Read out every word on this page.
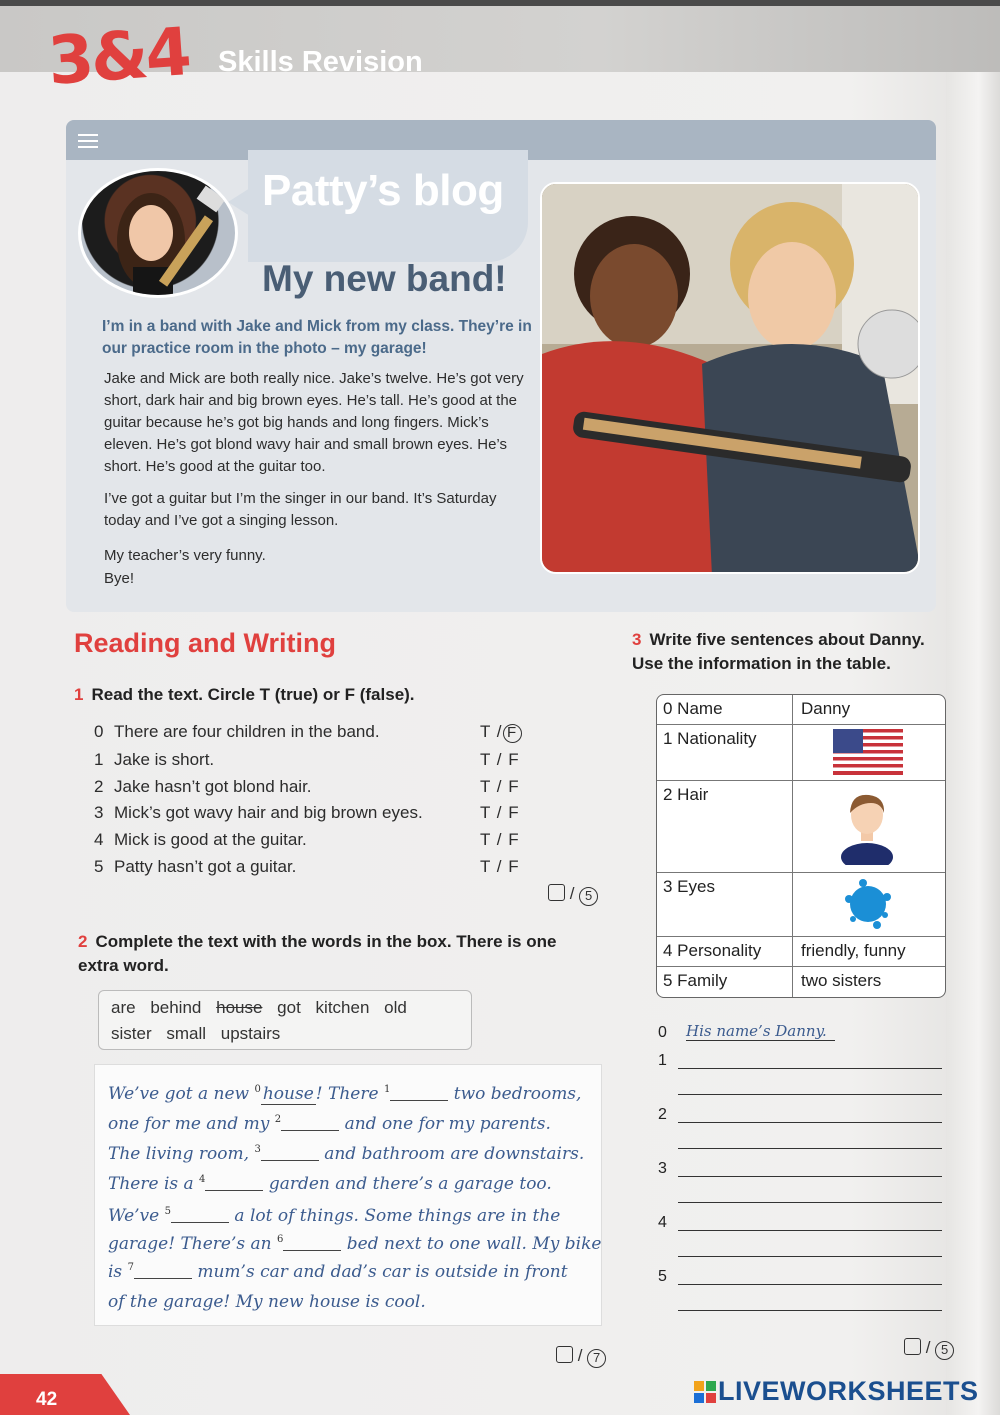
3&4 Skills Revision
Patty’s blog
My new band!
I’m in a band with Jake and Mick from my class. They’re in our practice room in the photo – my garage!
Jake and Mick are both really nice. Jake’s twelve. He’s got very short, dark hair and big brown eyes. He’s tall. He’s good at the guitar because he’s got big hands and long fingers. Mick’s eleven. He’s got blond wavy hair and small brown eyes. He’s short. He’s good at the guitar too.
I’ve got a guitar but I’m the singer in our band. It’s Saturday today and I’ve got a singing lesson.
My teacher’s very funny.
Bye!
Reading and Writing
1 Read the text. Circle T (true) or F (false).
0 There are four children in the band.	T / F
1 Jake is short.	T / F
2 Jake hasn’t got blond hair.	T / F
3 Mick’s got wavy hair and big brown eyes.	T / F
4 Mick is good at the guitar.	T / F
5 Patty hasn’t got a guitar.	T / F
/ 5
2 Complete the text with the words in the box. There is one extra word.
are behind house got kitchen old
sister small upstairs
We’ve got a new $^0$ house ! There $^1$	two bedrooms,
one for me and my $^2$	and one for my parents.
The living room, $^3$	and bathroom are downstairs.
There is a $^4$	garden and there’s a garage too.
We’ve $^5$	a lot of things. Some things are in the
garage! There’s an $^6$	bed next to one wall. My bike
is $^7$	mum’s car and dad’s car is outside in front
of the garage! My new house is cool.
/ 7
3 Write five sentences about Danny. Use the information in the table.
0 Name	Danny
1 Nationality
2 Hair
3 Eyes
4 Personality	friendly, funny
5 Family	two sisters
0 His name’s Danny.
1
2
3
4
5
/ 5
42	LIVEWORKSHEETS
